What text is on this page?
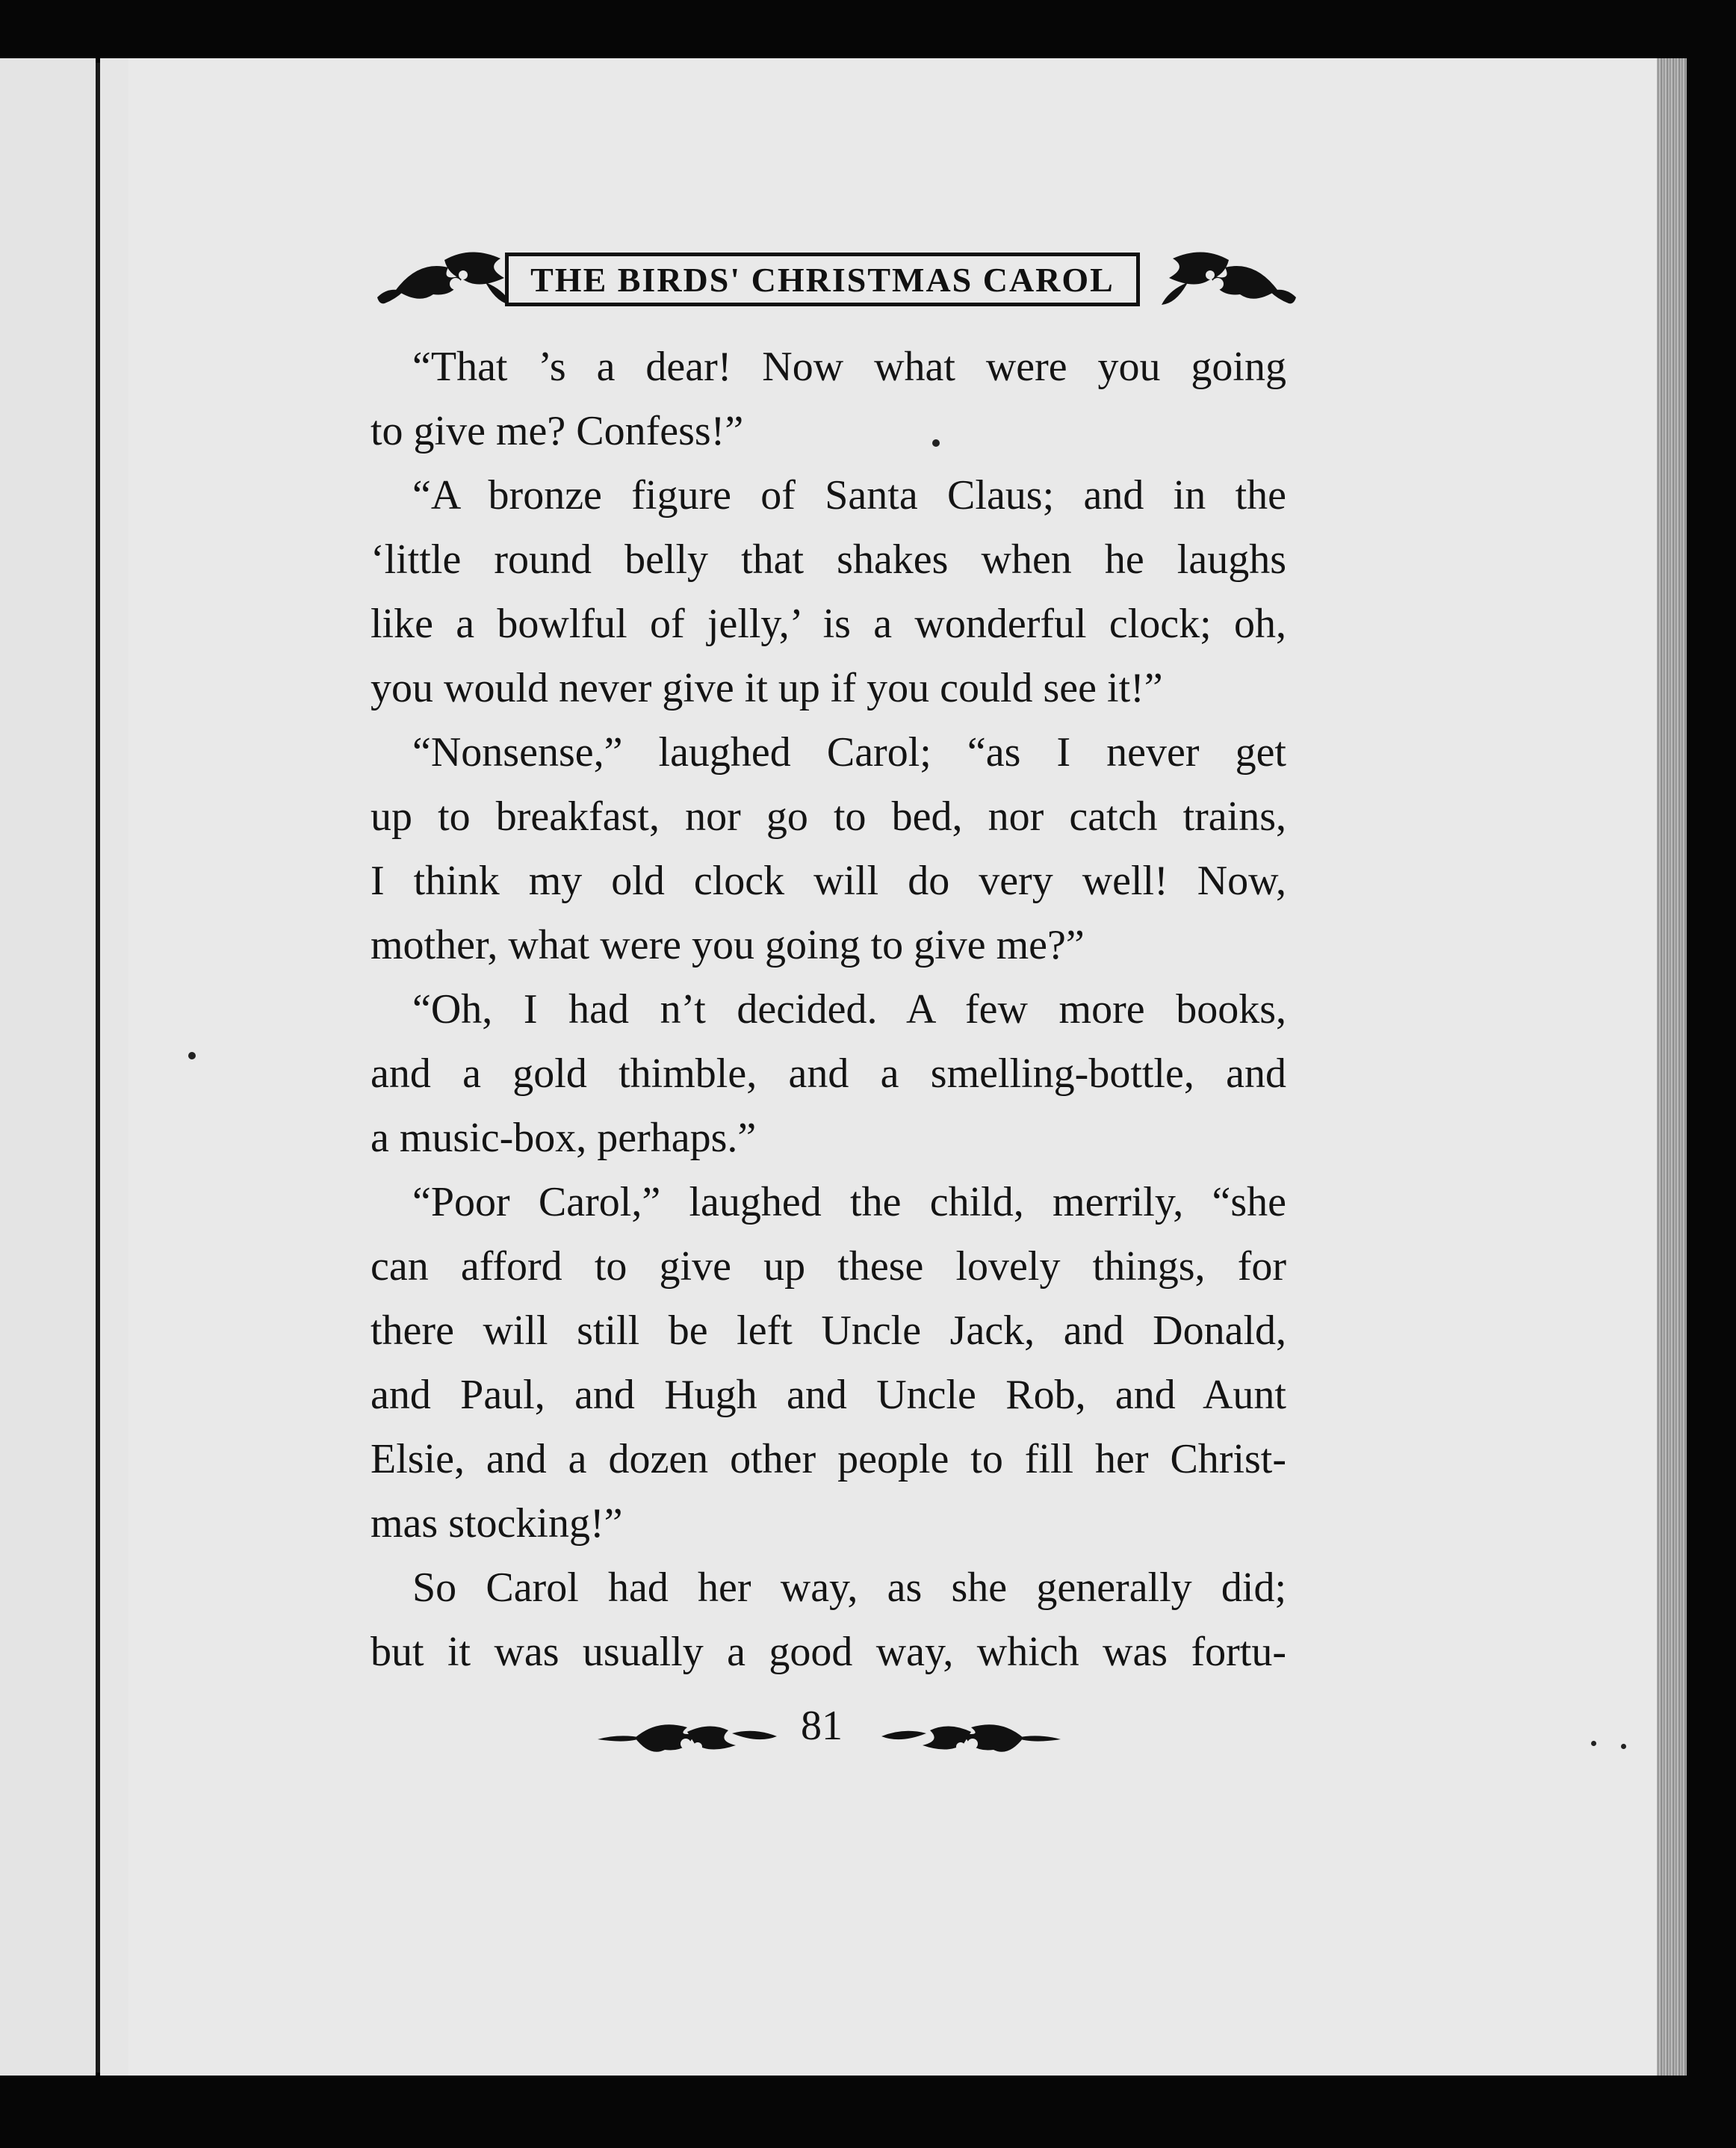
THE BIRDS' CHRISTMAS CAROL
“That ’s a dear! Now what were you going
to give me? Confess!”
“A bronze figure of Santa Claus; and in the
‘little round belly that shakes when he laughs
like a bowlful of jelly,’ is a wonderful clock; oh,
you would never give it up if you could see it!”
“Nonsense,” laughed Carol; “as I never get
up to breakfast, nor go to bed, nor catch trains,
I think my old clock will do very well! Now,
mother, what were you going to give me?”
“Oh, I had n’t decided. A few more books,
and a gold thimble, and a smelling-bottle, and
a music-box, perhaps.”
“Poor Carol,” laughed the child, merrily, “she
can afford to give up these lovely things, for
there will still be left Uncle Jack, and Donald,
and Paul, and Hugh and Uncle Rob, and Aunt
Elsie, and a dozen other people to fill her Christ-
mas stocking!”
So Carol had her way, as she generally did;
but it was usually a good way, which was fortu-
81
